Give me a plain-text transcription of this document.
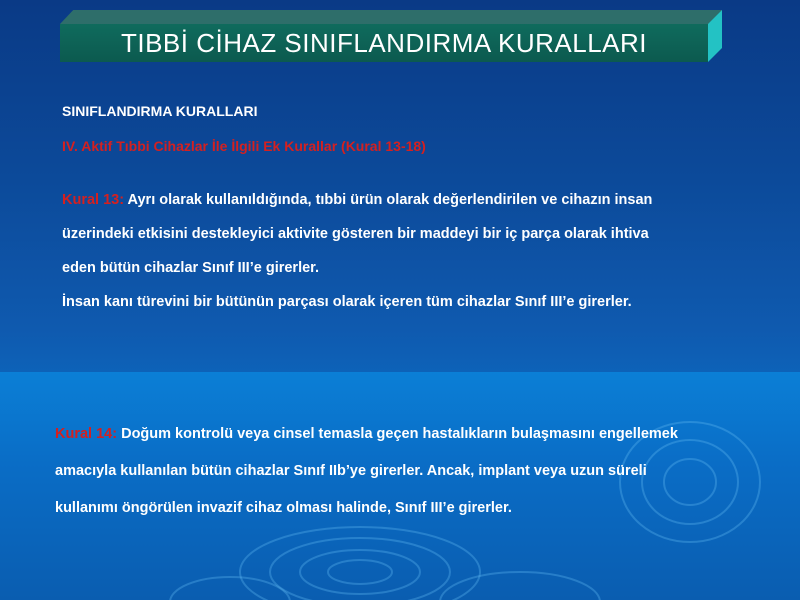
TIBBİ CİHAZ SINIFLANDIRMA KURALLARI
SINIFLANDIRMA KURALLARI
IV. Aktif Tıbbi Cihazlar İle İlgili Ek Kurallar (Kural 13-18)
Kural 13: Ayrı olarak kullanıldığında, tıbbi ürün olarak değerlendirilen ve cihazın insan
üzerindeki etkisini destekleyici aktivite gösteren bir maddeyi bir iç parça olarak ihtiva
eden bütün cihazlar Sınıf III’e girerler.
İnsan kanı türevini bir bütünün parçası olarak içeren tüm cihazlar Sınıf III’e girerler.
Kural 14: Doğum kontrolü veya cinsel temasla geçen hastalıkların bulaşmasını engellemek
amacıyla kullanılan bütün cihazlar Sınıf IIb’ye girerler. Ancak, implant veya uzun süreli
kullanımı öngörülen invazif cihaz olması halinde, Sınıf III’e girerler.
